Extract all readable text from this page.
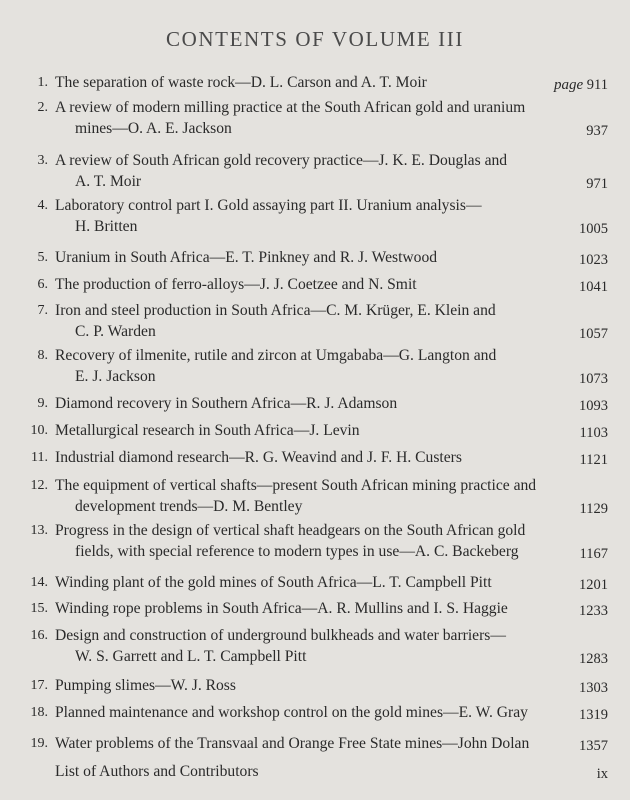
CONTENTS OF VOLUME III
1. The separation of waste rock—D. L. Carson and A. T. Moir	page 911
2. A review of modern milling practice at the South African gold and uranium
mines—O. A. E. Jackson	937
3. A review of South African gold recovery practice—J. K. E. Douglas and
A. T. Moir	971
4. Laboratory control part I. Gold assaying part II. Uranium analysis—
H. Britten	1005
5. Uranium in South Africa—E. T. Pinkney and R. J. Westwood	1023
6. The production of ferro-alloys—J. J. Coetzee and N. Smit	1041
7. Iron and steel production in South Africa—C. M. Krüger, E. Klein and
C. P. Warden	1057
8. Recovery of ilmenite, rutile and zircon at Umgababa—G. Langton and
E. J. Jackson	1073
9. Diamond recovery in Southern Africa—R. J. Adamson	1093
10. Metallurgical research in South Africa—J. Levin	1103
11. Industrial diamond research—R. G. Weavind and J. F. H. Custers	1121
12. The equipment of vertical shafts—present South African mining practice and
development trends—D. M. Bentley	1129
13. Progress in the design of vertical shaft headgears on the South African gold
fields, with special reference to modern types in use—A. C. Backeberg	1167
14. Winding plant of the gold mines of South Africa—L. T. Campbell Pitt	1201
15. Winding rope problems in South Africa—A. R. Mullins and I. S. Haggie	1233
16. Design and construction of underground bulkheads and water barriers—
W. S. Garrett and L. T. Campbell Pitt	1283
17. Pumping slimes—W. J. Ross	1303
18. Planned maintenance and workshop control on the gold mines—E. W. Gray	1319
19. Water problems of the Transvaal and Orange Free State mines—John Dolan	1357
List of Authors and Contributors	ix
